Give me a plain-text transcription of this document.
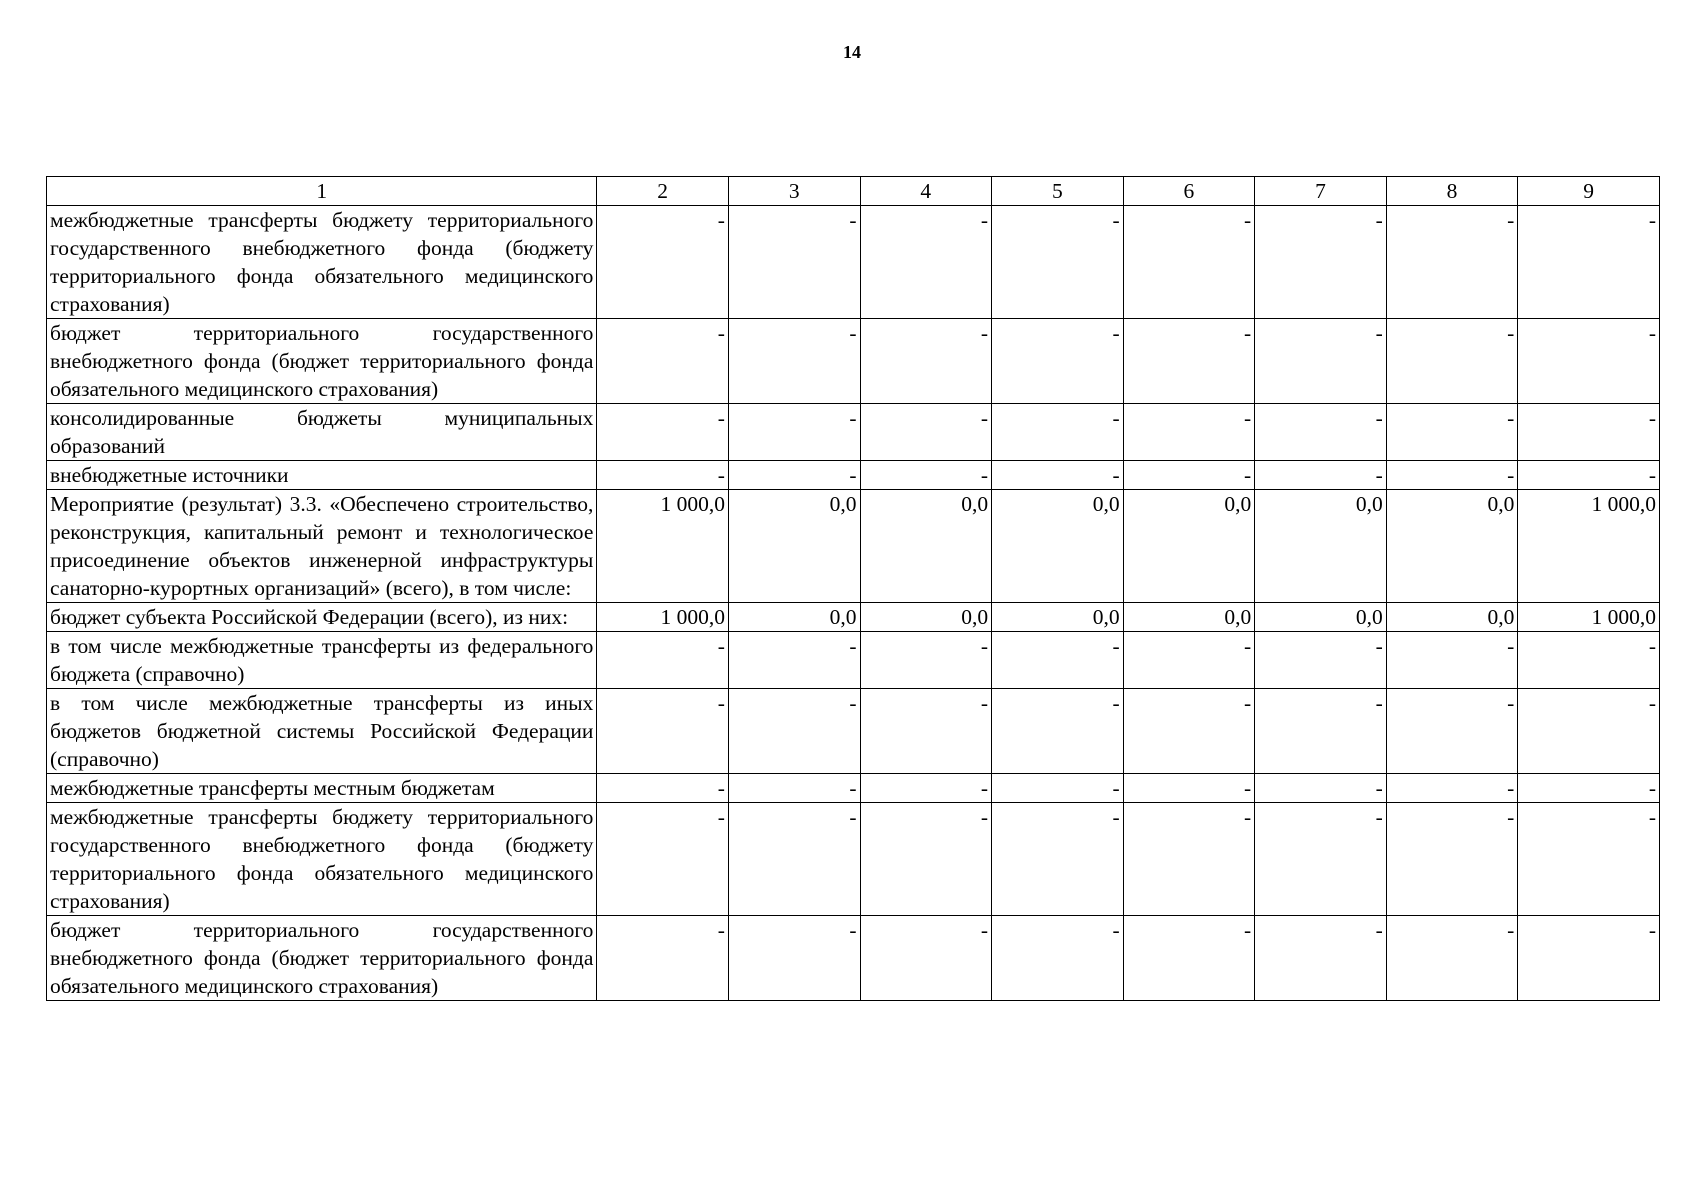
14
1	2	3	4	5	6	7	8	9
межбюджетные трансферты бюджету территориального государственного внебюджетного фонда (бюджету территориального фонда обязательного медицинского страхования)	-	-	-	-	-	-	-	-
бюджет территориального государственного внебюджетного фонда (бюджет территориального фонда обязательного медицинского страхования)	-	-	-	-	-	-	-	-
консолидированные бюджеты муниципальных образований	-	-	-	-	-	-	-	-
внебюджетные источники	-	-	-	-	-	-	-	-
Мероприятие (результат) 3.3. «Обеспечено строительство, реконструкция, капитальный ремонт и технологическое присоединение объектов инженерной инфраструктуры санаторно-курортных организаций» (всего), в том числе:	1 000,0	0,0	0,0	0,0	0,0	0,0	0,0	1 000,0
бюджет субъекта Российской Федерации (всего), из них:	1 000,0	0,0	0,0	0,0	0,0	0,0	0,0	1 000,0
в том числе межбюджетные трансферты из федерального бюджета (справочно)	-	-	-	-	-	-	-	-
в том числе межбюджетные трансферты из иных бюджетов бюджетной системы Российской Федерации (справочно)	-	-	-	-	-	-	-	-
межбюджетные трансферты местным бюджетам	-	-	-	-	-	-	-	-
межбюджетные трансферты бюджету территориального государственного внебюджетного фонда (бюджету территориального фонда обязательного медицинского страхования)	-	-	-	-	-	-	-	-
бюджет территориального государственного внебюджетного фонда (бюджет территориального фонда обязательного медицинского страхования)	-	-	-	-	-	-	-	-
